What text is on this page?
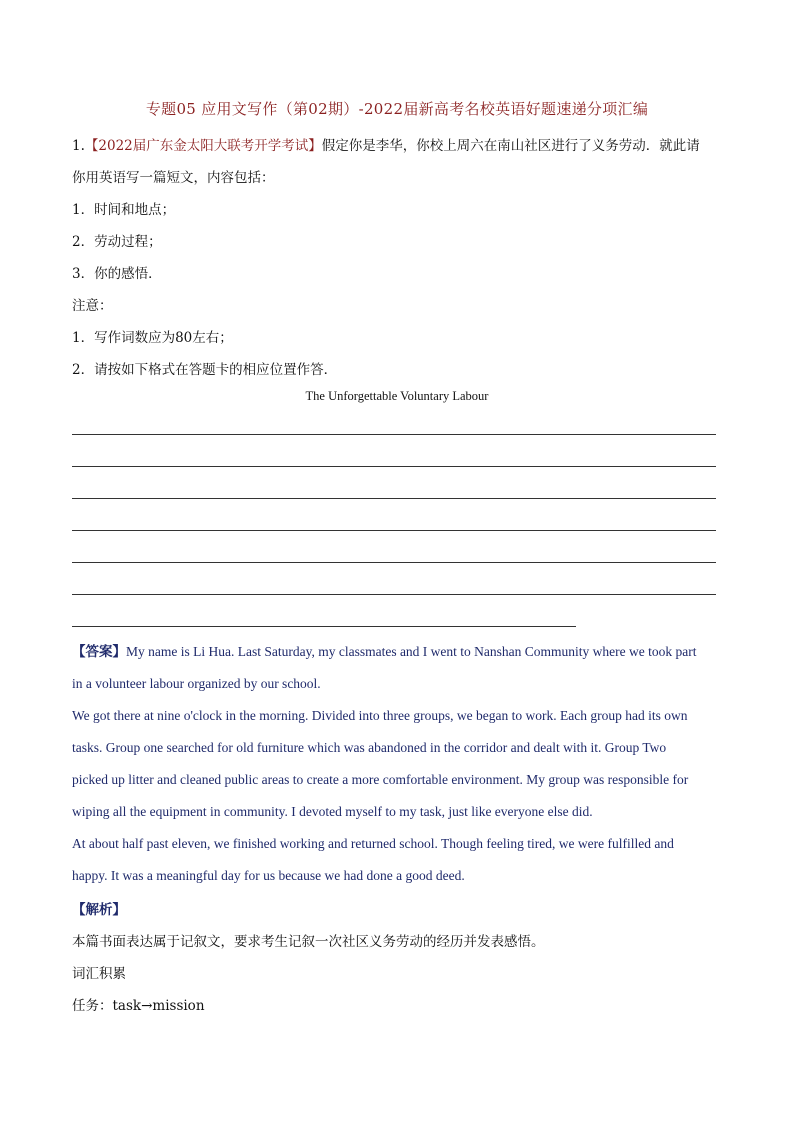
专题05 应用文写作（第02期）-2022届新高考名校英语好题速递分项汇编
1.【2022届广东金太阳大联考开学考试】假定你是李华，你校上周六在南山社区进行了义务劳动．就此请
你用英语写一篇短文，内容包括：
1．时间和地点；
2．劳动过程；
3．你的感悟．
注意：
1．写作词数应为80左右；
2．请按如下格式在答题卡的相应位置作答．
The Unforgettable Voluntary Labour

【答案】My name is Li Hua. Last Saturday, my classmates and I went to Nanshan Community where we took part

in a volunteer labour organized by our school.

We got there at nine o'clock in the morning. Divided into three groups, we began to work. Each group had its own

tasks. Group one searched for old furniture which was abandoned in the corridor and dealt with it. Group Two

picked up litter and cleaned public areas to create a more comfortable environment. My group was responsible for

wiping all the equipment in community. I devoted myself to my task, just like everyone else did.

At about half past eleven, we finished working and returned school. Though feeling tired, we were fulfilled and

happy. It was a meaningful day for us because we had done a good deed.

【解析】
本篇书面表达属于记叙文，要求考生记叙一次社区义务劳动的经历并发表感悟。
词汇积累
任务：task→mission
